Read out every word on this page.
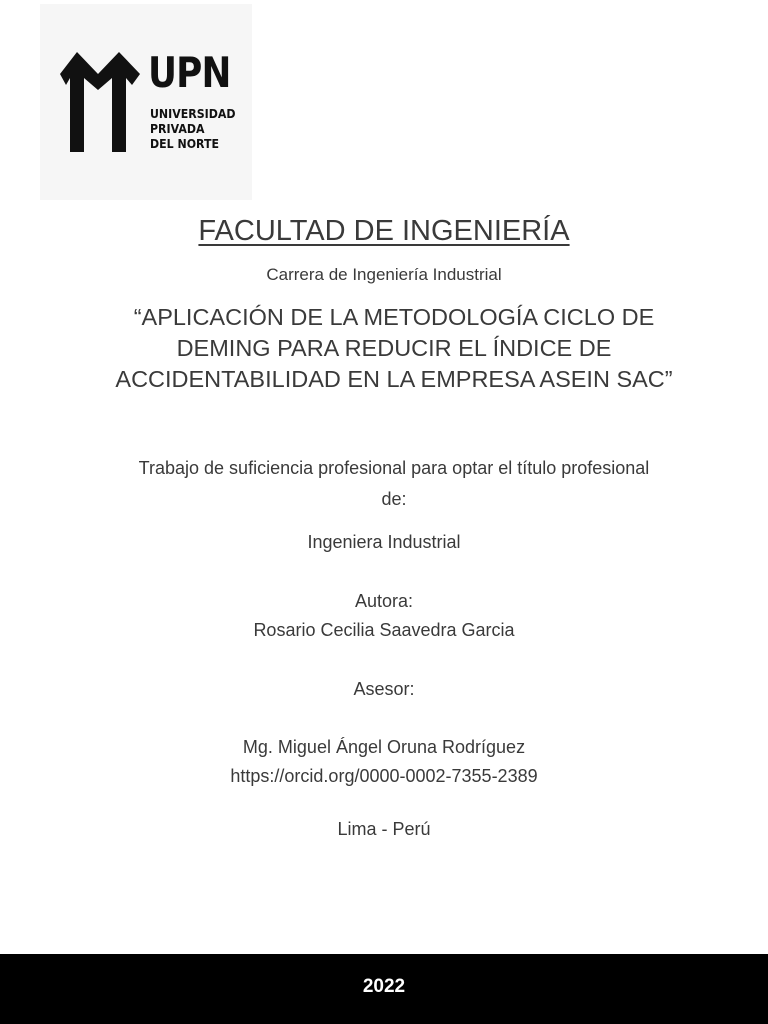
UPN
UNIVERSIDAD
PRIVADA
DEL NORTE
FACULTAD DE INGENIERÍA
Carrera de Ingeniería Industrial
“APLICACIÓN DE LA METODOLOGÍA CICLO DE DEMING PARA REDUCIR EL ÍNDICE DE ACCIDENTABILIDAD EN LA EMPRESA ASEIN SAC”
Trabajo de suficiencia profesional para optar el título profesional de:
Ingeniera Industrial
Autora:
Rosario Cecilia Saavedra Garcia
Asesor:
Mg. Miguel Ángel Oruna Rodríguez
https://orcid.org/0000-0002-7355-2389
Lima - Perú
2022
